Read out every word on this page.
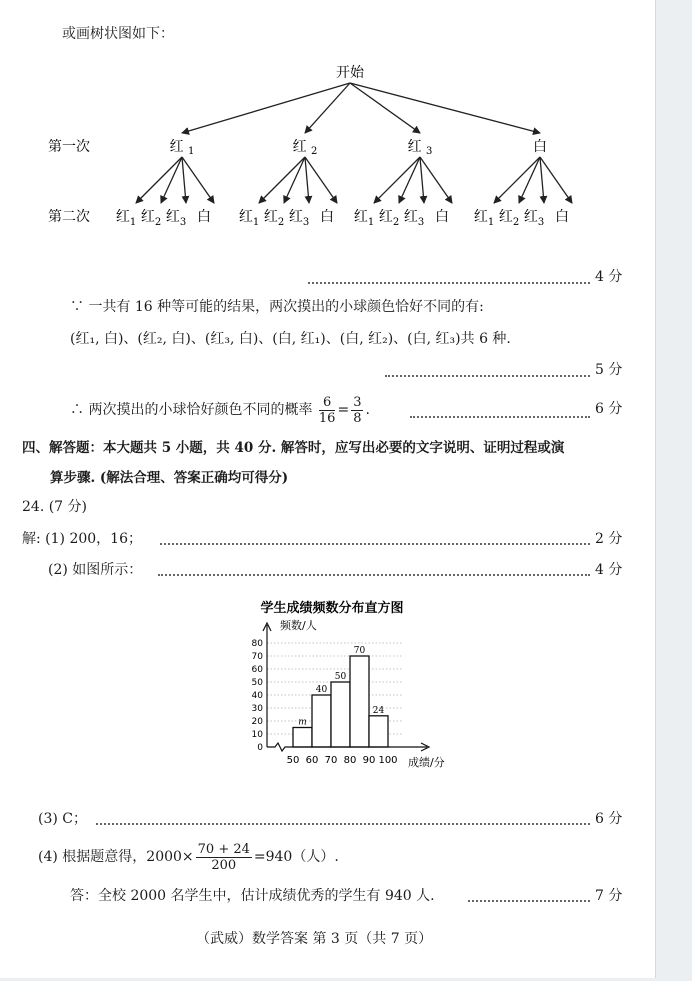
或画树状图如下：
开始
第一次
第二次
红 $_1$
红$_1$ 红$_2$ 红$_3$ 白
红 $_2$
红$_1$ 红$_2$ 红$_3$ 白
红 $_3$
红$_1$ 红$_2$ 红$_3$ 白
白
红$_1$ 红$_2$ 红$_3$ 白
4 分
∵ 一共有 16 种等可能的结果，两次摸出的小球颜色恰好不同的有:
(红₁, 白)、(红₂, 白)、(红₃, 白)、(白, 红₁)、(白, 红₂)、(白, 红₃)共 6 种.
5 分
∴ 两次摸出的小球恰好颜色不同的概率 $\frac{6}{16} = \frac{3}{8}$ .	6 分
四、解答题：本大题共 5 小题，共 40 分. 解答时，应写出必要的文字说明、证明过程或演
算步骤. (解法合理、答案正确均可得分)
24. (7 分)
解: (1) 200，16；	2 分
(2) 如图所示：	4 分
学生成绩频数分布直方图
频数/人
成绩/分
0
10
20
30
40
50
60
70
80
m
40
50
70
24
50 60 70 80 90 100
(3) C；	6 分
(4) 根据题意得，$2000\times \frac{70 + 24}{200} =940$（人）.
答：全校 2000 名学生中，估计成绩优秀的学生有 940 人.	7 分
（武威）数学答案 第 3 页（共 7 页）
